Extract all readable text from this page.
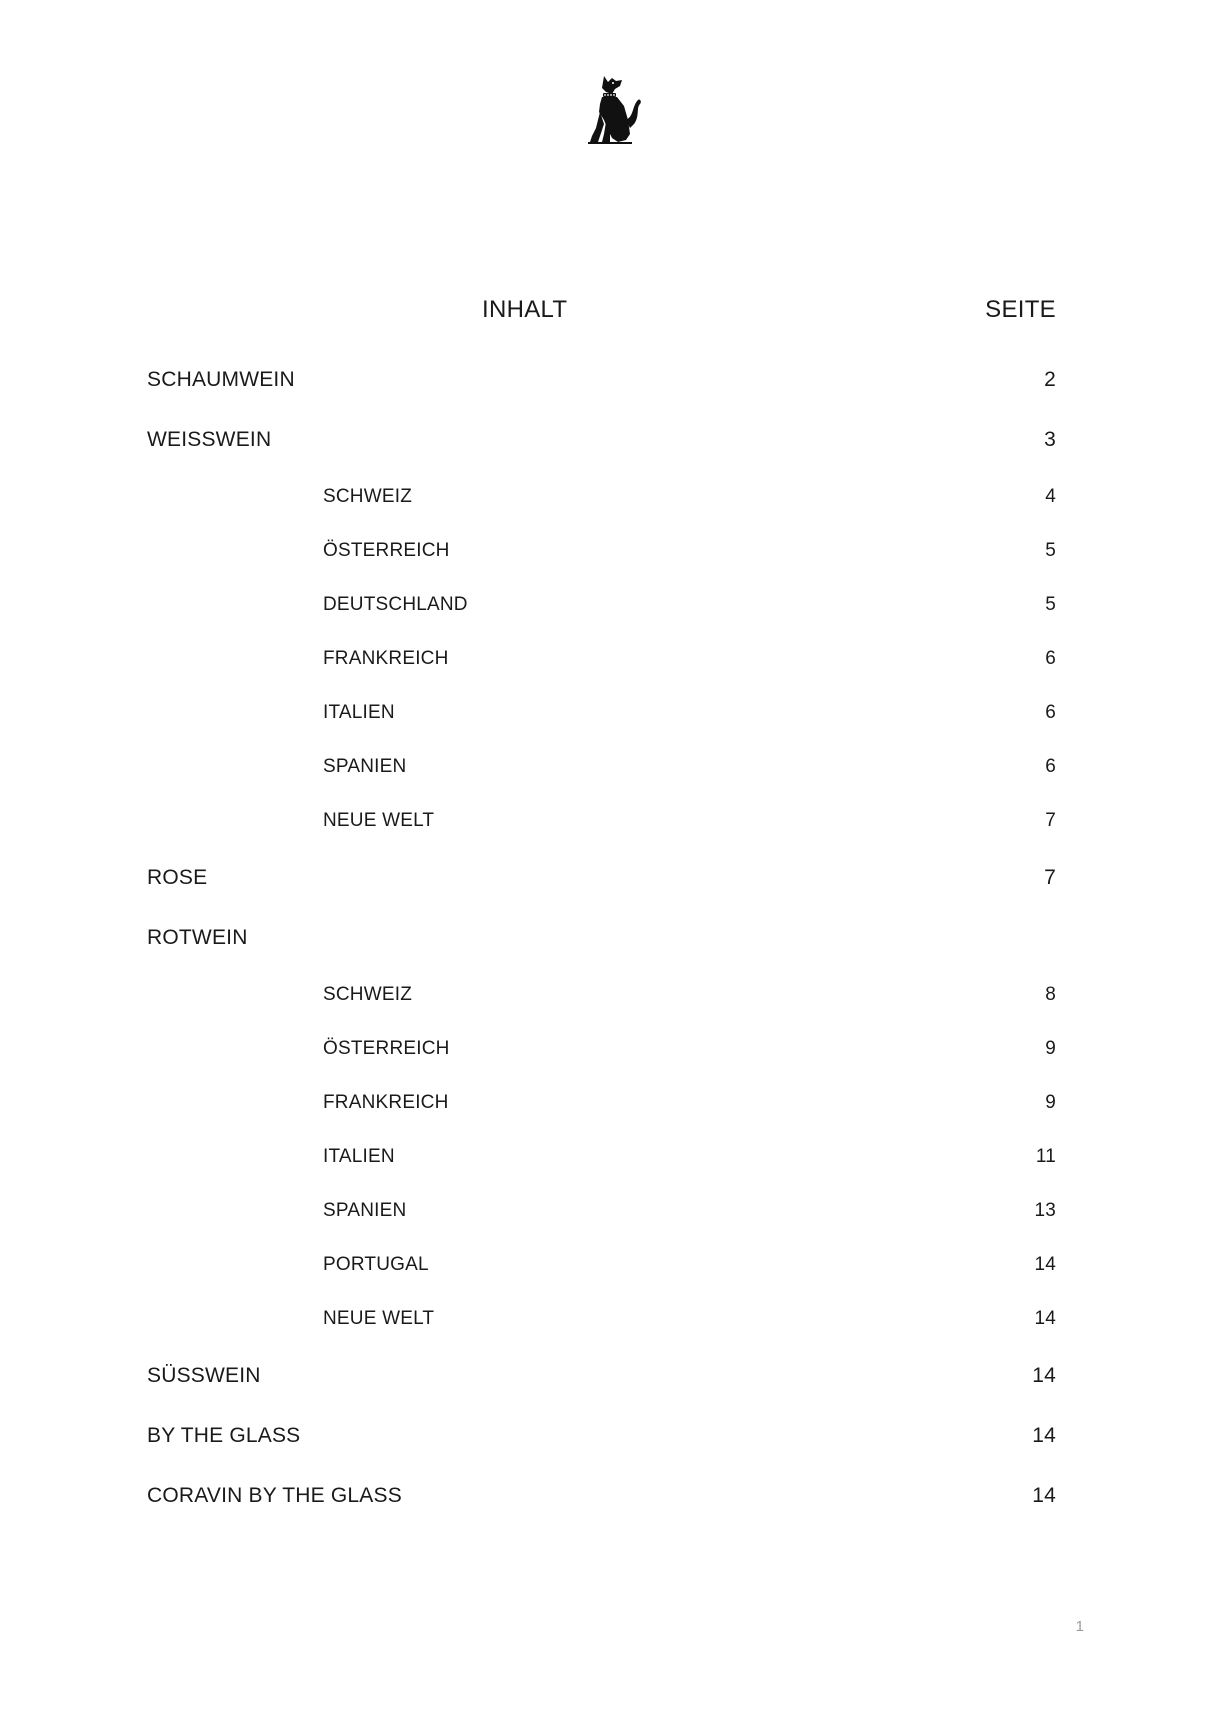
INHALT	SEITE
SCHAUMWEIN	2
WEISSWEIN	3
SCHWEIZ	4
ÖSTERREICH	5
DEUTSCHLAND	5
FRANKREICH	6
ITALIEN	6
SPANIEN	6
NEUE WELT	7
ROSE	7
ROTWEIN
SCHWEIZ	8
ÖSTERREICH	9
FRANKREICH	9
ITALIEN	11
SPANIEN	13
PORTUGAL	14
NEUE WELT	14
SÜSSWEIN	14
BY THE GLASS	14
CORAVIN BY THE GLASS	14
1
